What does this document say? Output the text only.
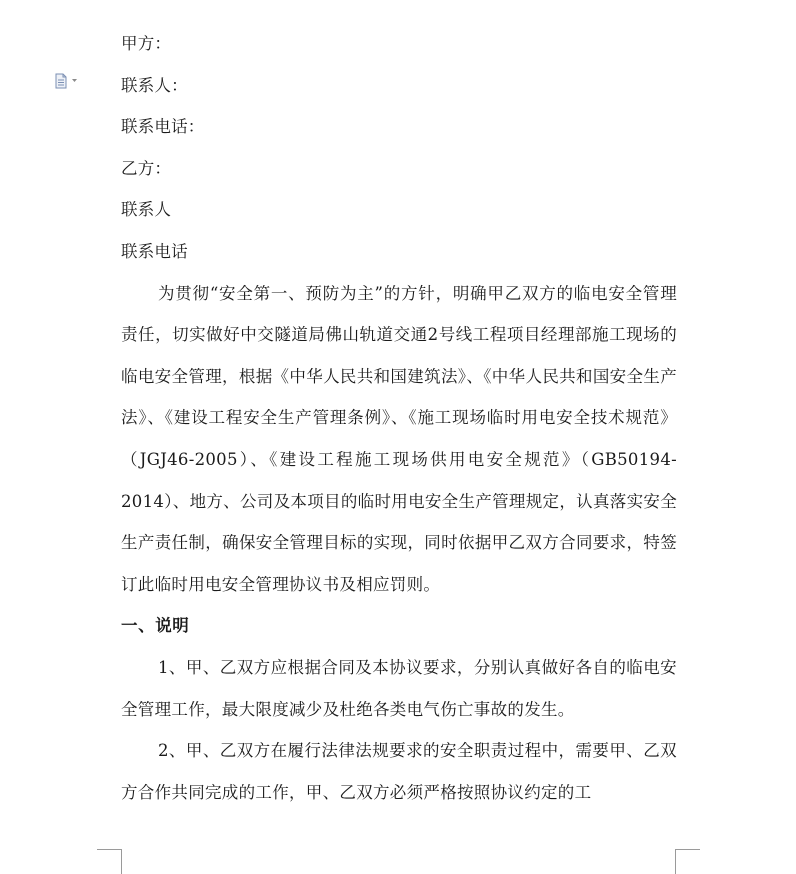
甲方：
联系人：
联系电话：
乙方：
联系人
联系电话

为贯彻“安全第一、预防为主”的方针，明确甲乙双方的临电安全管理责任，切实做好中交隧道局佛山轨道交通2号线工程项目经理部施工现场的临电安全管理，根据《中华人民共和国建筑法》、《中华人民共和国安全生产法》、《建设工程安全生产管理条例》、《施工现场临时用电安全技术规范》（JGJ46-2005）、《建设工程施工现场供用电安全规范》（GB50194-2014）、地方、公司及本项目的临时用电安全生产管理规定，认真落实安全生产责任制，确保安全管理目标的实现，同时依据甲乙双方合同要求，特签订此临时用电安全管理协议书及相应罚则。

一、说明

1、甲、乙双方应根据合同及本协议要求，分别认真做好各自的临电安全管理工作，最大限度减少及杜绝各类电气伤亡事故的发生。

2、甲、乙双方在履行法律法规要求的安全职责过程中，需要甲、乙双方合作共同完成的工作，甲、乙双方必须严格按照协议约定的工
